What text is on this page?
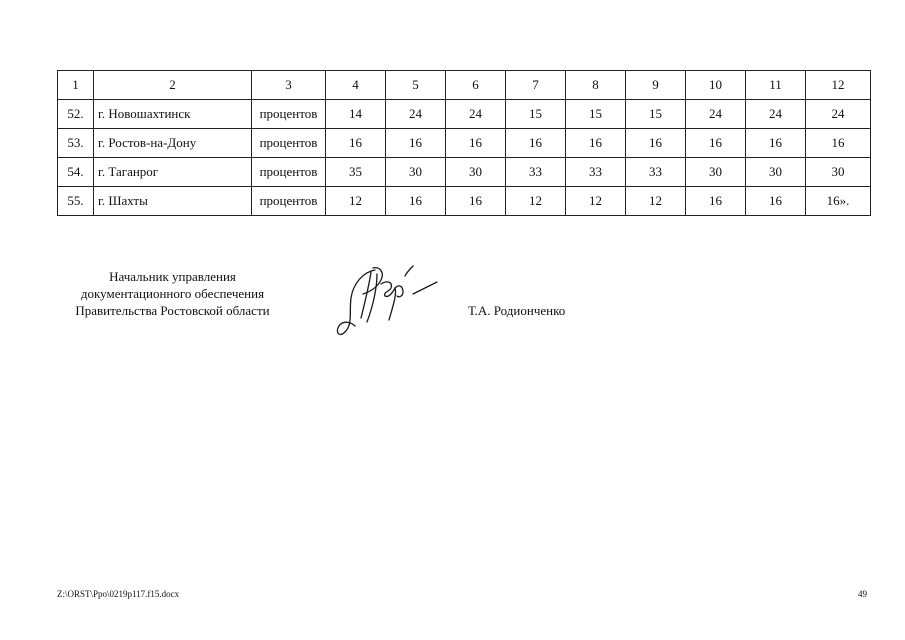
1	2	3	4	5	6	7	8	9	10	11	12
52.	г. Новошахтинск	процентов	14	24	24	15	15	15	24	24	24
53.	г. Ростов-на-Дону	процентов	16	16	16	16	16	16	16	16	16
54.	г. Таганрог	процентов	35	30	30	33	33	33	30	30	30
55.	г. Шахты	процентов	12	16	16	12	12	12	16	16	16».
Начальник управления
документационного обеспечения
Правительства Ростовской области	Т.А. Родионченко
Z:\ORST\Ppo\0219p117.f15.docx	49
